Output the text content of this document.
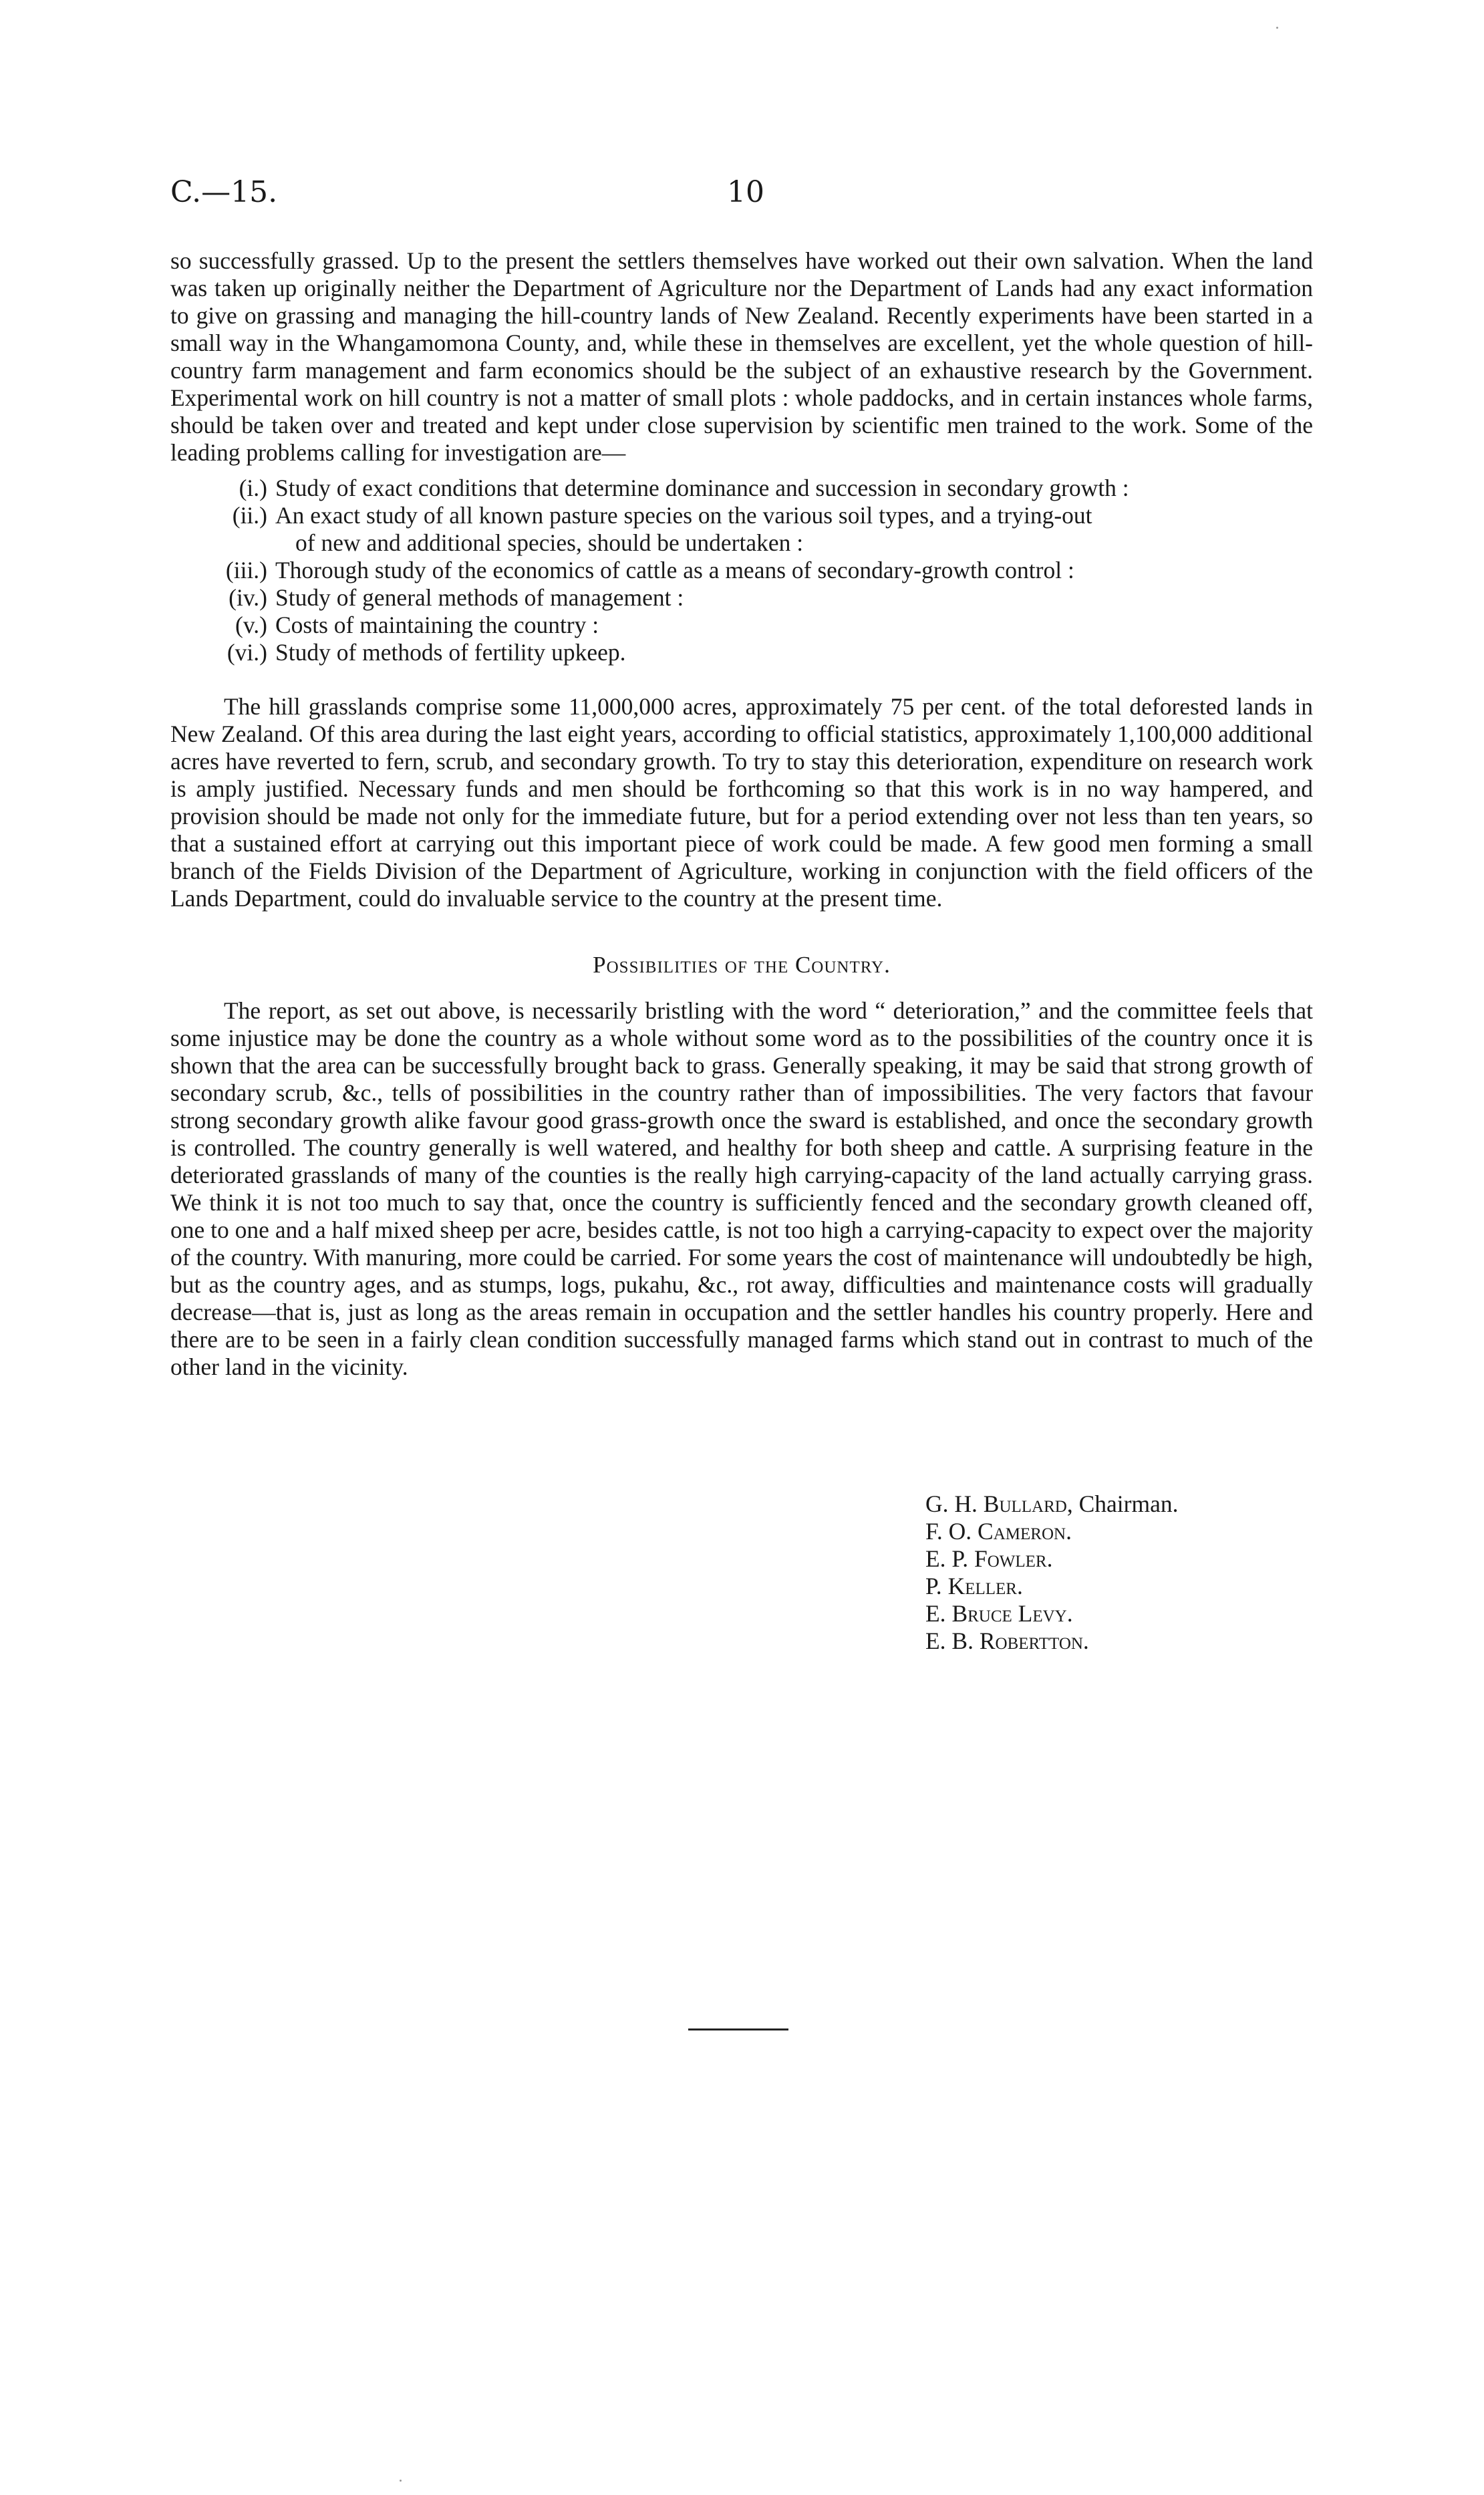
C.—15.	10

so successfully grassed. Up to the present the settlers themselves have worked out their own salvation. When the land was taken up originally neither the Department of Agriculture nor the Department of Lands had any exact information to give on grassing and managing the hill-country lands of New Zealand. Recently experiments have been started in a small way in the Whangamomona County, and, while these in themselves are excellent, yet the whole question of hill-country farm management and farm economics should be the subject of an exhaustive research by the Government. Experimental work on hill country is not a matter of small plots : whole paddocks, and in certain instances whole farms, should be taken over and treated and kept under close supervision by scientific men trained to the work. Some of the leading problems calling for investigation are—

(i.) Study of exact conditions that determine dominance and succession in secondary growth :
(ii.) An exact study of all known pasture species on the various soil types, and a trying-out
of new and additional species, should be undertaken :
(iii.) Thorough study of the economics of cattle as a means of secondary-growth control :
(iv.) Study of general methods of management :
(v.) Costs of maintaining the country :
(vi.) Study of methods of fertility upkeep.

The hill grasslands comprise some 11,000,000 acres, approximately 75 per cent. of the total deforested lands in New Zealand. Of this area during the last eight years, according to official statistics, approximately 1,100,000 additional acres have reverted to fern, scrub, and secondary growth. To try to stay this deterioration, expenditure on research work is amply justified. Necessary funds and men should be forthcoming so that this work is in no way hampered, and provision should be made not only for the immediate future, but for a period extending over not less than ten years, so that a sustained effort at carrying out this important piece of work could be made. A few good men forming a small branch of the Fields Division of the Department of Agriculture, working in conjunction with the field officers of the Lands Department, could do invaluable service to the country at the present time.

Possibilities of the Country.

The report, as set out above, is necessarily bristling with the word “ deterioration,” and the committee feels that some injustice may be done the country as a whole without some word as to the possibilities of the country once it is shown that the area can be successfully brought back to grass. Generally speaking, it may be said that strong growth of secondary scrub, &c., tells of possibilities in the country rather than of impossibilities. The very factors that favour strong secondary growth alike favour good grass-growth once the sward is established, and once the secondary growth is controlled. The country generally is well watered, and healthy for both sheep and cattle. A surprising feature in the deteriorated grasslands of many of the counties is the really high carrying-capacity of the land actually carrying grass. We think it is not too much to say that, once the country is sufficiently fenced and the secondary growth cleaned off, one to one and a half mixed sheep per acre, besides cattle, is not too high a carrying-capacity to expect over the majority of the country. With manuring, more could be carried. For some years the cost of maintenance will undoubtedly be high, but as the country ages, and as stumps, logs, pukahu, &c., rot away, difficulties and maintenance costs will gradually decrease—that is, just as long as the areas remain in occupation and the settler handles his country properly. Here and there are to be seen in a fairly clean condition successfully managed farms which stand out in contrast to much of the other land in the vicinity.

G. H. Bullard, Chairman.
F. O. Cameron.
E. P. Fowler.
P. Keller.
E. Bruce Levy.
E. B. Robertton.
